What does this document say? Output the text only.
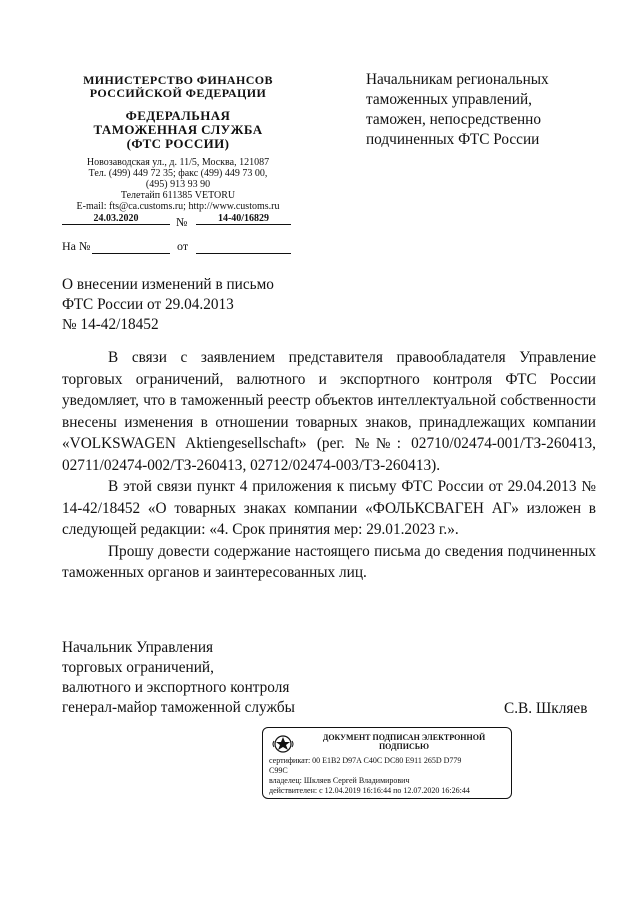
МИНИСТЕРСТВО ФИНАНСОВ
РОССИЙСКОЙ ФЕДЕРАЦИИ
ФЕДЕРАЛЬНАЯ
ТАМОЖЕННАЯ СЛУЖБА
(ФТС РОССИИ)
Новозаводская ул., д. 11/5, Москва, 121087
Тел. (499) 449 72 35; факс (499) 449 73 00,
(495) 913 93 90
Телетайп 611385 VETORU
E-mail: fts@ca.customs.ru; http://www.customs.ru
24.03.2020	№	14-40/16829
На №	от
Начальникам региональных
таможенных управлений,
таможен, непосредственно
подчиненных ФТС России
О внесении изменений в письмо
ФТС России от 29.04.2013
№ 14-42/18452

В связи с заявлением представителя правообладателя Управление торговых ограничений, валютного и экспортного контроля ФТС России уведомляет, что в таможенный реестр объектов интеллектуальной собственности внесены изменения в отношении товарных знаков, принадлежащих компании «VOLKSWAGEN Aktiengesellschaft» (рег. №№: 02710/02474-001/ТЗ-260413, 02711/02474-002/ТЗ-260413, 02712/02474-003/ТЗ-260413).

В этой связи пункт 4 приложения к письму ФТС России от 29.04.2013 № 14-42/18452 «О товарных знаках компании «ФОЛЬКСВАГЕН АГ» изложен в следующей редакции: «4. Срок принятия мер: 29.01.2023 г.».

Прошу довести содержание настоящего письма до сведения подчиненных таможенных органов и заинтересованных лиц.

Начальник Управления
торговых ограничений,
валютного и экспортного контроля
генерал-майор таможенной службы	С.В. Шкляев
ДОКУМЕНТ ПОДПИСАН ЭЛЕКТРОННОЙ
ПОДПИСЬЮ
сертификат: 00 E1B2 D97A C40C DC80 E911 265D D779
C99C
владелец: Шкляев Сергей Владимирович
действителен: с 12.04.2019 16:16:44 по 12.07.2020 16:26:44
